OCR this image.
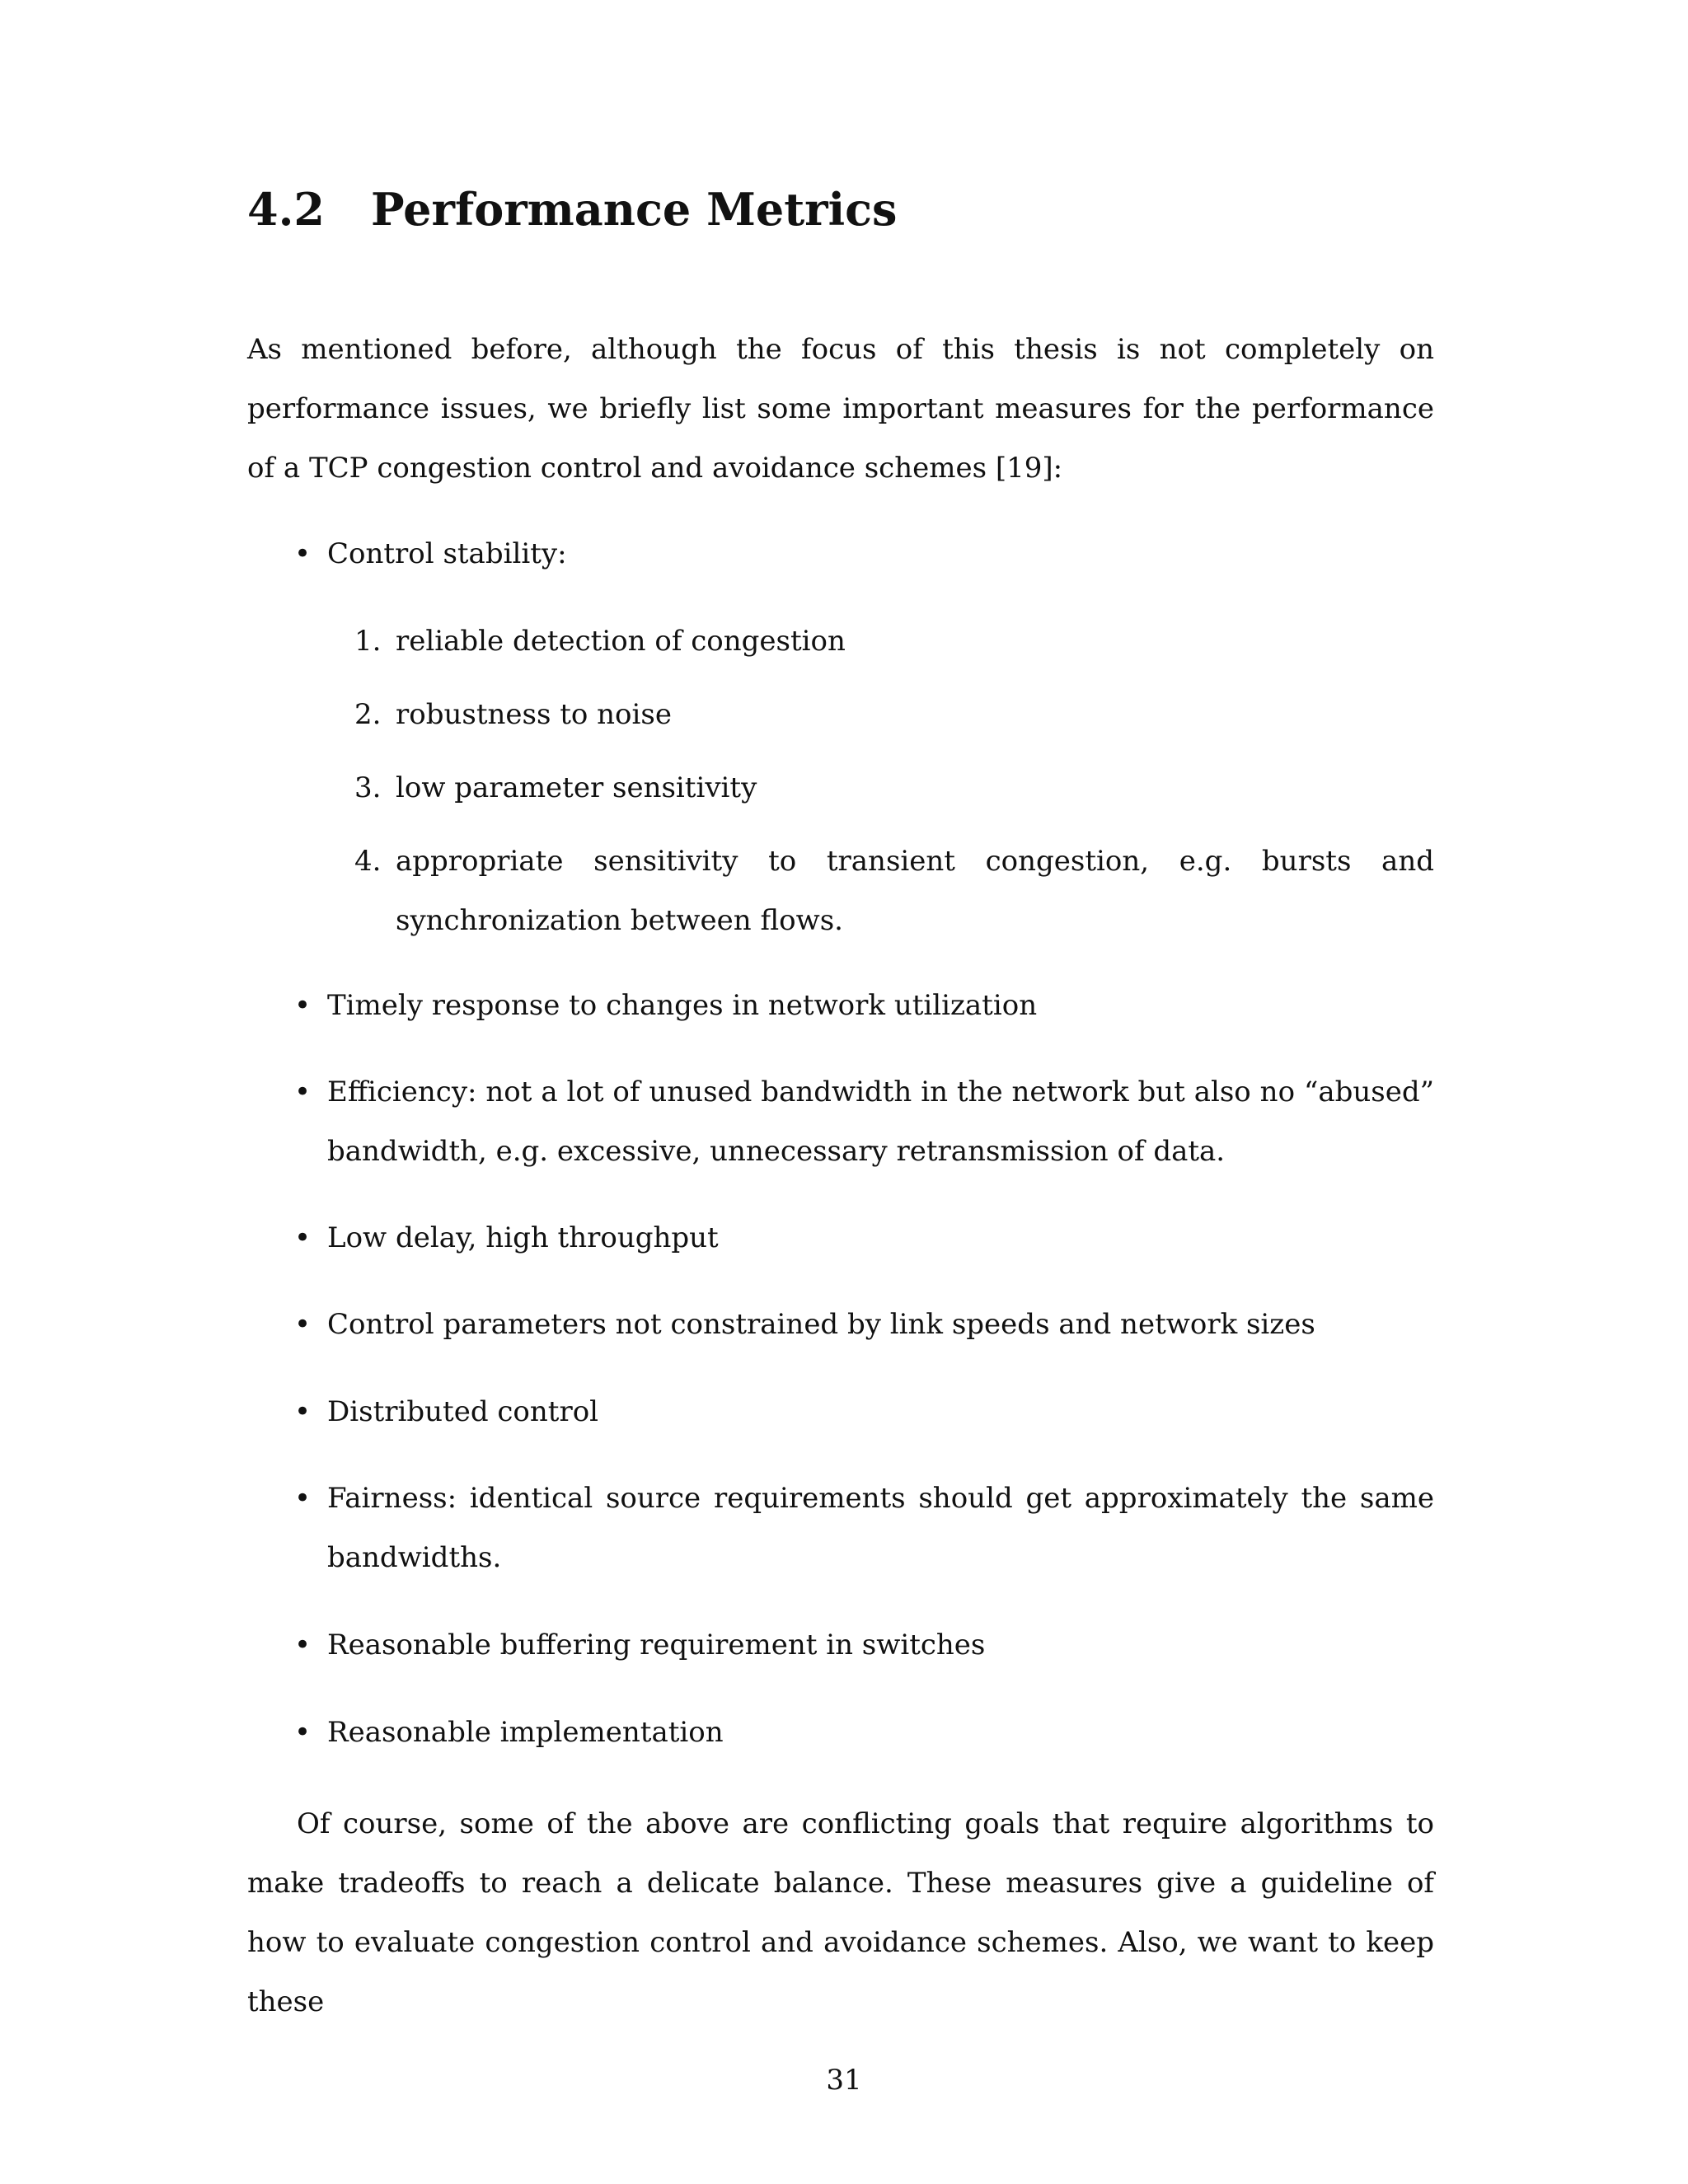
4.2 Performance Metrics

As mentioned before, although the focus of this thesis is not completely on performance issues, we briefly list some important measures for the performance of a TCP congestion control and avoidance schemes [19]:

• Control stability:

1. reliable detection of congestion

2. robustness to noise

3. low parameter sensitivity

4. appropriate sensitivity to transient congestion, e.g. bursts and synchronization between flows.

• Timely response to changes in network utilization

• Efficiency: not a lot of unused bandwidth in the network but also no “abused” bandwidth, e.g. excessive, unnecessary retransmission of data.

• Low delay, high throughput

• Control parameters not constrained by link speeds and network sizes

• Distributed control

• Fairness: identical source requirements should get approximately the same bandwidths.

• Reasonable buffering requirement in switches

• Reasonable implementation

Of course, some of the above are conflicting goals that require algorithms to make tradeoffs to reach a delicate balance. These measures give a guideline of how to evaluate congestion control and avoidance schemes. Also, we want to keep these

31
